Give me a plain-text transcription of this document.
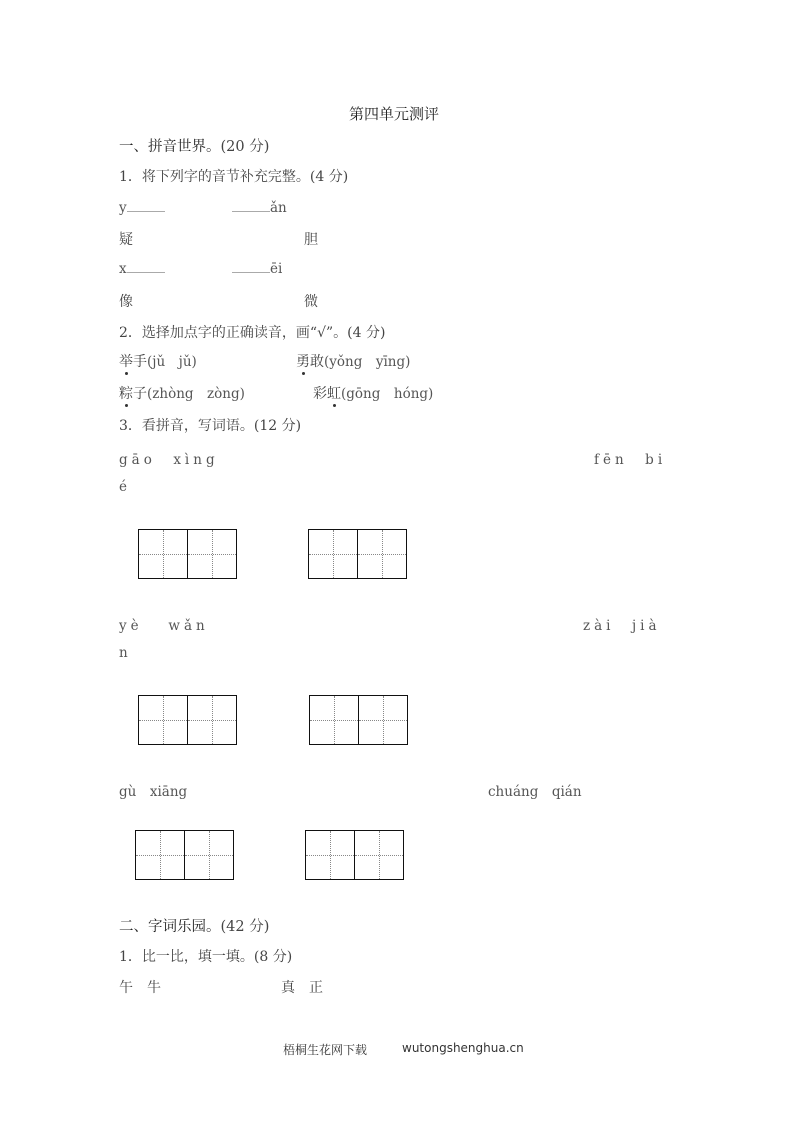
第四单元测评
一、拼音世界。(20 分)
1．将下列字的音节补充完整。(4 分)
y	ǎn
疑	胆
x	ēi
像	微
2．选择加点字的正确读音，画“√”。(4 分)
举手(jǔ　jǔ)	勇敢(yǒng　yīng)
粽子(zhòng　zòng)	彩虹(gōng　hóng)
3．看拼音，写词语。(12 分)
gāo　xìng	fēn　bi
é
yè　 wǎn	zài　jià
n
gù　xiāng	chuáng　qián
二、字词乐园。(42 分)
1．比一比，填一填。(8 分)
午　牛	真　正
梧桐生花网下载	wutongshenghua.cn
